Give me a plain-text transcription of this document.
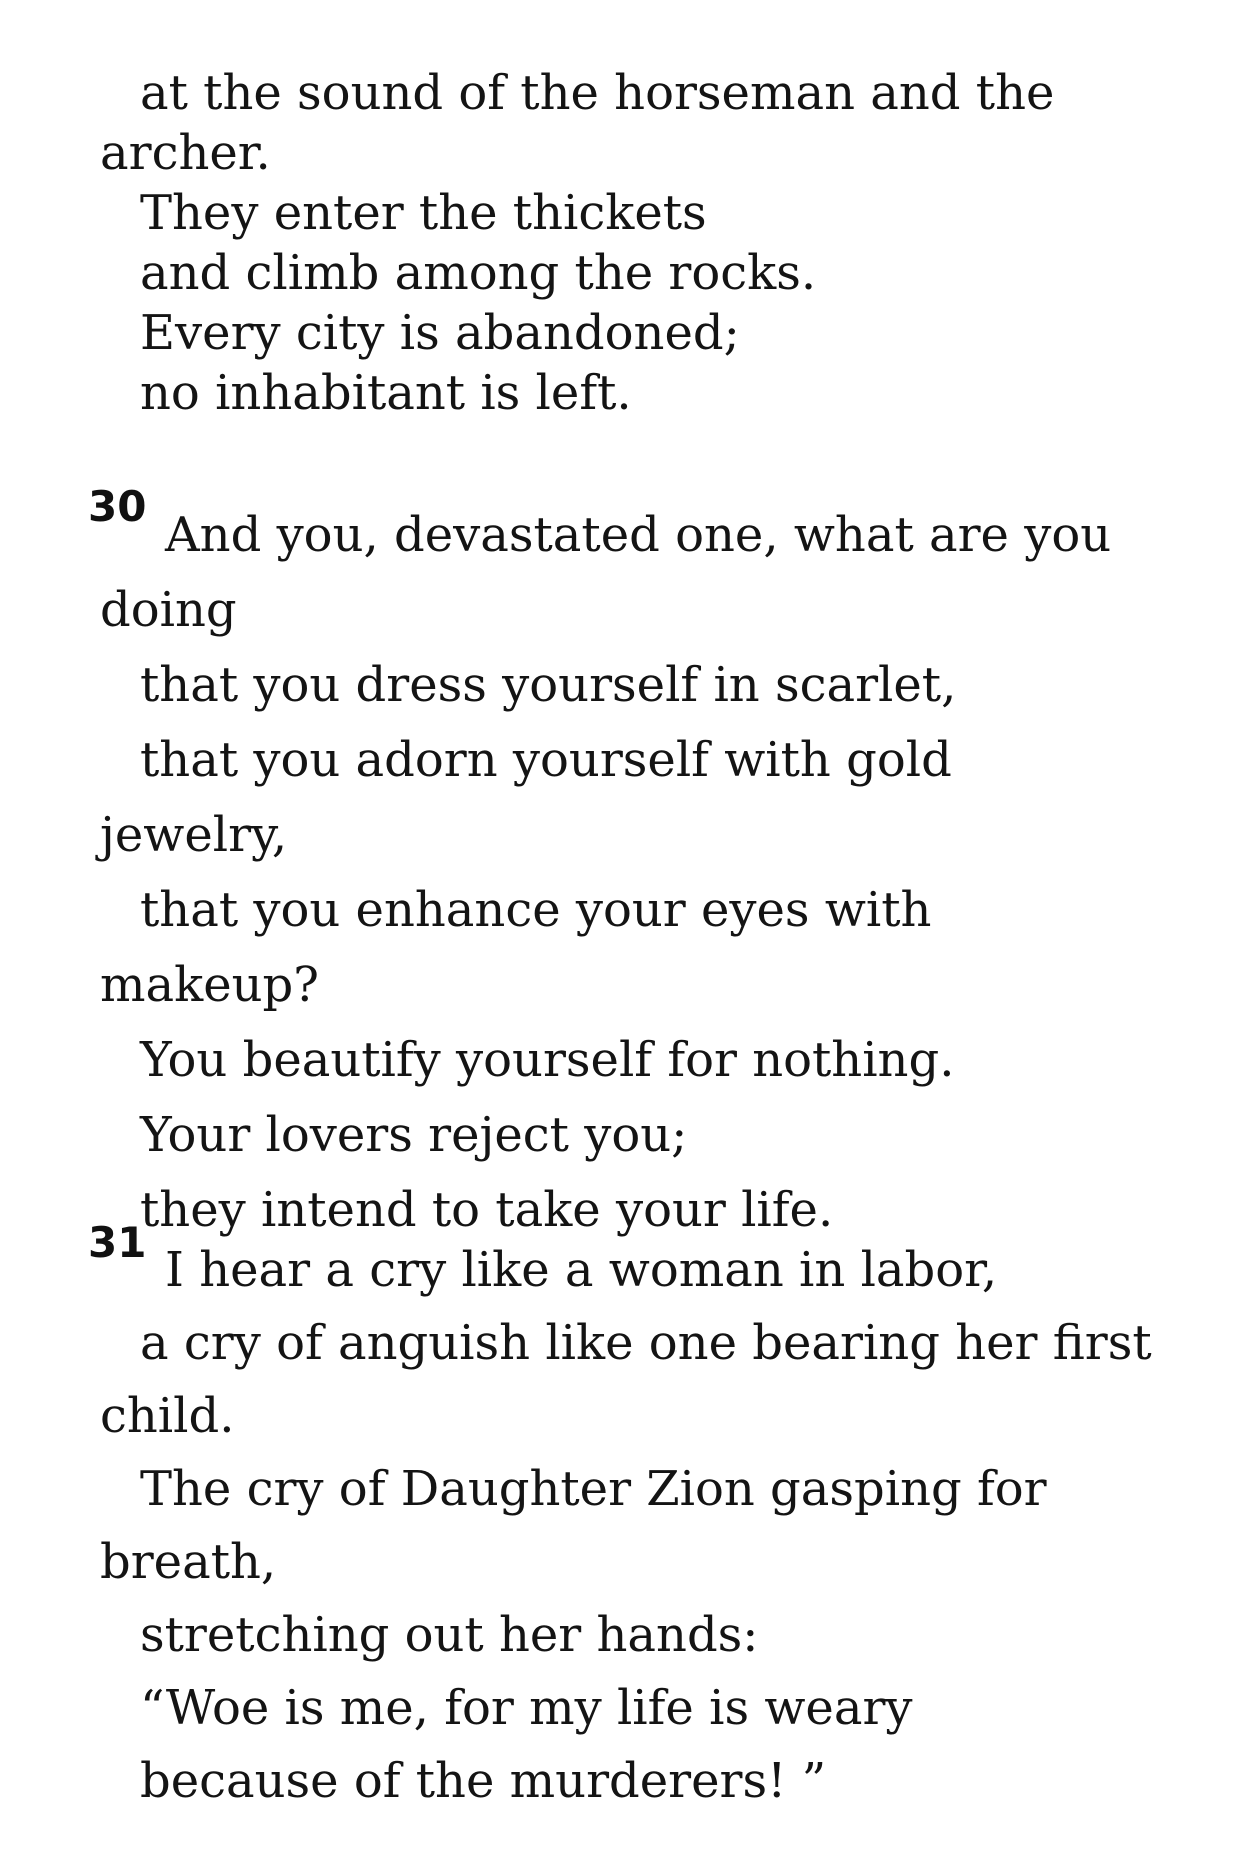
at the sound of the horseman and the
archer.
They enter the thickets
and climb among the rocks.
Every city is abandoned;
no inhabitant is left.
30
And you, devastated one, what are you
doing
that you dress yourself in scarlet,
that you adorn yourself with gold
jewelry,
that you enhance your eyes with
makeup?
You beautify yourself for nothing.
Your lovers reject you;
they intend to take your life.
31 I hear a cry like a woman in labor,
a cry of anguish like one bearing her first
child.
The cry of Daughter Zion gasping for
breath,
stretching out her hands:
“Woe is me, for my life is weary
because of the murderers! ”
